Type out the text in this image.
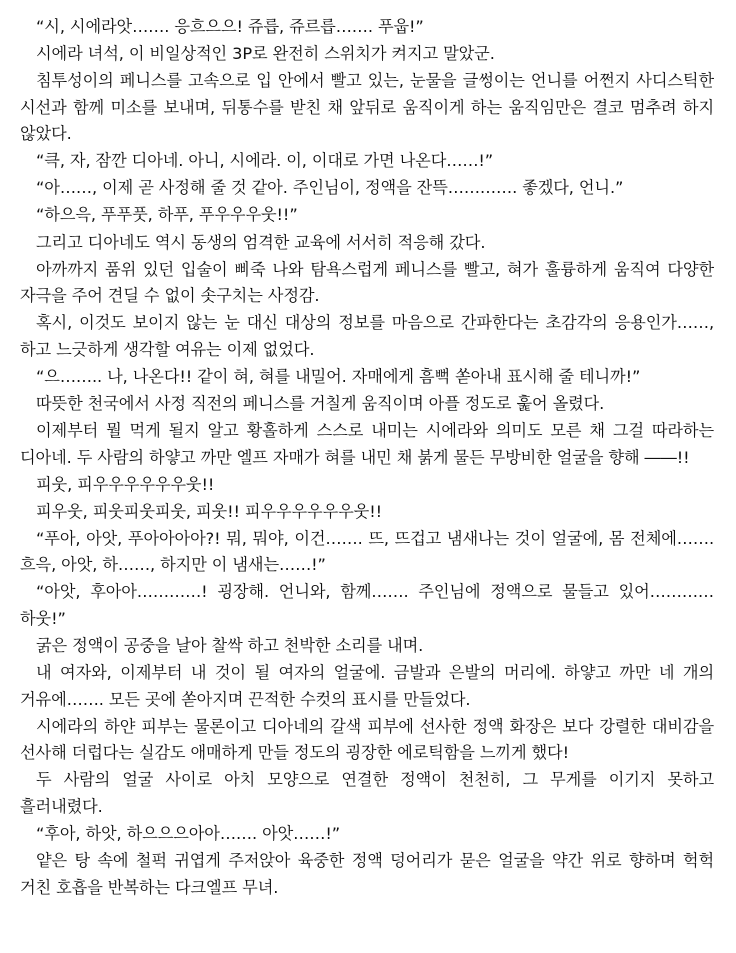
“시, 시에라앗……. 응흐으으! 쥬릅, 쥬르릅……. 푸웁!”

시에라 녀석, 이 비일상적인 3P로 완전히 스위치가 켜지고 말았군.

침투성이의 페니스를 고속으로 입 안에서 빨고 있는, 눈물을 글썽이는 언니를 어쩐지 사디스틱한 시선과 함께 미소를 보내며, 뒤통수를 받친 채 앞뒤로 움직이게 하는 움직임만은 결코 멈추려 하지 않았다.

“큭, 자, 잠깐 디아네. 아니, 시에라. 이, 이대로 가면 나온다……!”

“아……, 이제 곧 사정해 줄 것 같아. 주인님이, 정액을 잔뜩…………. 좋겠다, 언니.”

“하으윽, 푸푸풋, 하푸, 푸우우우웃!!”

그리고 디아네도 역시 동생의 엄격한 교육에 서서히 적응해 갔다.

아까까지 품위 있던 입술이 삐죽 나와 탐욕스럽게 페니스를 빨고, 혀가 훌륭하게 움직여 다양한 자극을 주어 견딜 수 없이 솟구치는 사정감.

혹시, 이것도 보이지 않는 눈 대신 대상의 정보를 마음으로 간파한다는 초감각의 응용인가……, 하고 느긋하게 생각할 여유는 이제 없었다.

“으…….. 나, 나온다!! 같이 혀, 혀를 내밀어. 자매에게 흠뻑 쏟아내 표시해 줄 테니까!”

따뜻한 천국에서 사정 직전의 페니스를 거칠게 움직이며 아플 정도로 훑어 올렸다.

이제부터 뭘 먹게 될지 알고 황홀하게 스스로 내미는 시에라와 의미도 모른 채 그걸 따라하는 디아네. 두 사람의 하얗고 까만 엘프 자매가 혀를 내민 채 붉게 물든 무방비한 얼굴을 향해 ――!!

피웃, 피우우우우우우웃!!

피우웃, 피웃피웃피웃, 피웃!! 피우우우우우우웃!!

“푸아, 아앗, 푸아아아아?! 뭐, 뭐야, 이건……. 뜨, 뜨겁고 냄새나는 것이 얼굴에, 몸 전체에……. 흐윽, 아앗, 하……, 하지만 이 냄새는……!”

“아앗, 후아아…………! 굉장해. 언니와, 함께……. 주인님에 정액으로 물들고 있어………… 하웃!”

굵은 정액이 공중을 날아 찰싹 하고 천박한 소리를 내며.

내 여자와, 이제부터 내 것이 될 여자의 얼굴에. 금발과 은발의 머리에. 하얗고 까만 네 개의 거유에……. 모든 곳에 쏟아지며 끈적한 수컷의 표시를 만들었다.

시에라의 하얀 피부는 물론이고 디아네의 갈색 피부에 선사한 정액 화장은 보다 강렬한 대비감을 선사해 더럽다는 실감도 애매하게 만들 정도의 굉장한 에로틱함을 느끼게 했다!

두 사람의 얼굴 사이로 아치 모양으로 연결한 정액이 천천히, 그 무게를 이기지 못하고 흘러내렸다.

“후아, 하앗, 하으으으아아……. 아앗……!”

얕은 탕 속에 철퍽 귀엽게 주저앉아 육중한 정액 덩어리가 묻은 얼굴을 약간 위로 향하며 헉헉 거친 호흡을 반복하는 다크엘프 무녀.
